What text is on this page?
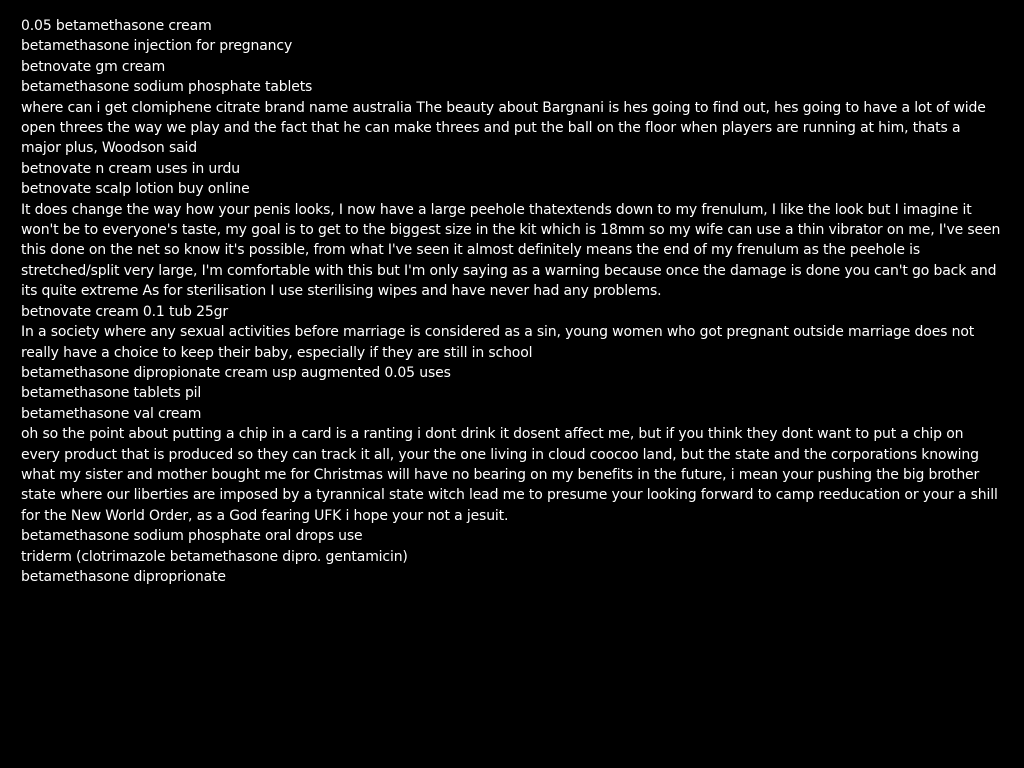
0.05 betamethasone cream
betamethasone injection for pregnancy
betnovate gm cream
betamethasone sodium phosphate tablets
where can i get clomiphene citrate brand name australia The beauty about Bargnani is hes going to find out, hes going to have a lot of wide open threes the way we play and the fact that he can make threes and put the ball on the floor when players are running at him, thats a major plus, Woodson said
betnovate n cream uses in urdu
betnovate scalp lotion buy online
It does change the way how your penis looks, I now have a large peehole thatextends down to my frenulum, I like the look but I imagine it won't be to everyone's taste, my goal is to get to the biggest size in the kit which is 18mm so my wife can use a thin vibrator on me, I've seen this done on the net so know it's possible, from what I've seen it almost definitely means the end of my frenulum as the peehole is stretched/split very large, I'm comfortable with this but I'm only saying as a warning because once the damage is done you can't go back and its quite extreme As for sterilisation I use sterilising wipes and have never had any problems.
betnovate cream 0.1 tub 25gr
In a society where any sexual activities before marriage is considered as a sin, young women who got pregnant outside marriage does not really have a choice to keep their baby, especially if they are still in school
betamethasone dipropionate cream usp augmented 0.05 uses
betamethasone tablets pil
betamethasone val cream
oh so the point about putting a chip in a card is a ranting i dont drink it dosent affect me, but if you think they dont want to put a chip on every product that is produced so they can track it all, your the one living in cloud coocoo land, but the state and the corporations knowing what my sister and mother bought me for Christmas will have no bearing on my benefits in the future, i mean your pushing the big brother state where our liberties are imposed by a tyrannical state witch lead me to presume your looking forward to camp reeducation or your a shill for the New World Order, as a God fearing UFK i hope your not a jesuit.
betamethasone sodium phosphate oral drops use
triderm (clotrimazole betamethasone dipro. gentamicin)
betamethasone diproprionate
